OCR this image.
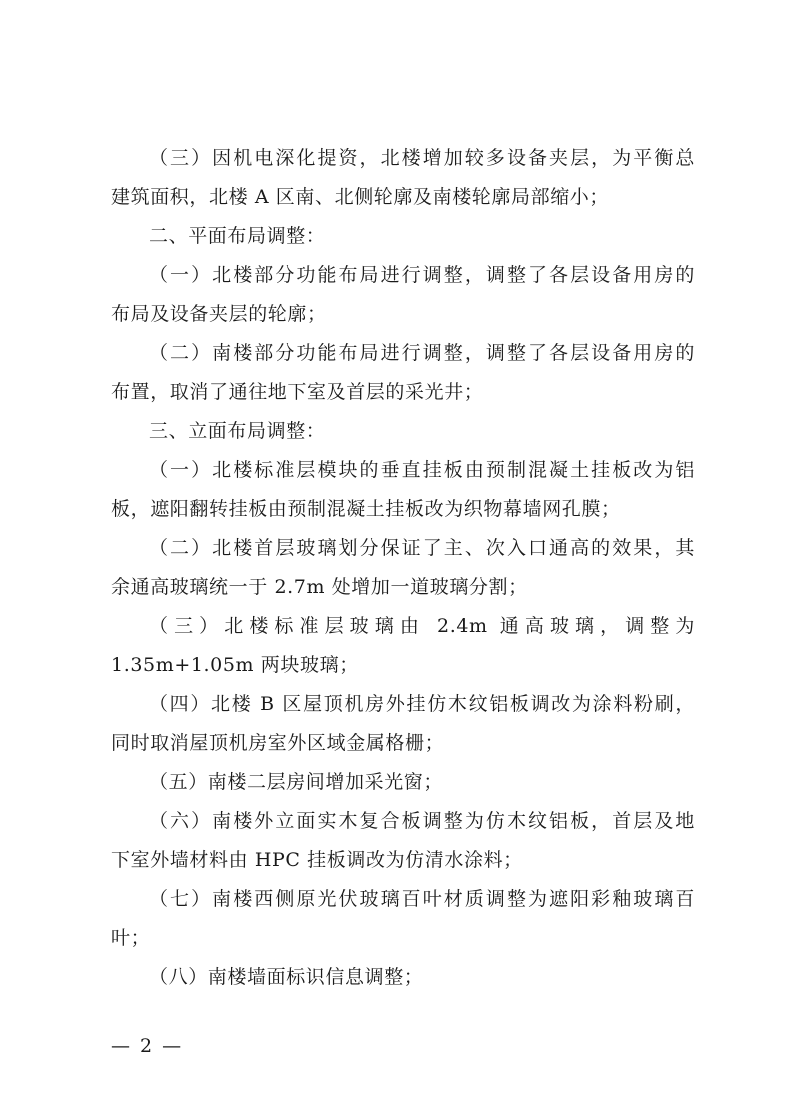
（三）因机电深化提资，北楼增加较多设备夹层，为平衡总
建筑面积，北楼 A 区南、北侧轮廓及南楼轮廓局部缩小；
二、平面布局调整：
（一）北楼部分功能布局进行调整，调整了各层设备用房的
布局及设备夹层的轮廓；
（二）南楼部分功能布局进行调整，调整了各层设备用房的
布置，取消了通往地下室及首层的采光井；
三、立面布局调整：
（一）北楼标准层模块的垂直挂板由预制混凝土挂板改为铝
板，遮阳翻转挂板由预制混凝土挂板改为织物幕墙网孔膜；
（二）北楼首层玻璃划分保证了主、次入口通高的效果，其
余通高玻璃统一于 2.7m 处增加一道玻璃分割；
（三）北楼标准层玻璃由 2.4m 通高玻璃，调整为
1.35m+1.05m 两块玻璃；
（四）北楼 B 区屋顶机房外挂仿木纹铝板调改为涂料粉刷，
同时取消屋顶机房室外区域金属格栅；
（五）南楼二层房间增加采光窗；
（六）南楼外立面实木复合板调整为仿木纹铝板，首层及地
下室外墙材料由 HPC 挂板调改为仿清水涂料；
（七）南楼西侧原光伏玻璃百叶材质调整为遮阳彩釉玻璃百
叶；
（八）南楼墙面标识信息调整；
— 2 —
